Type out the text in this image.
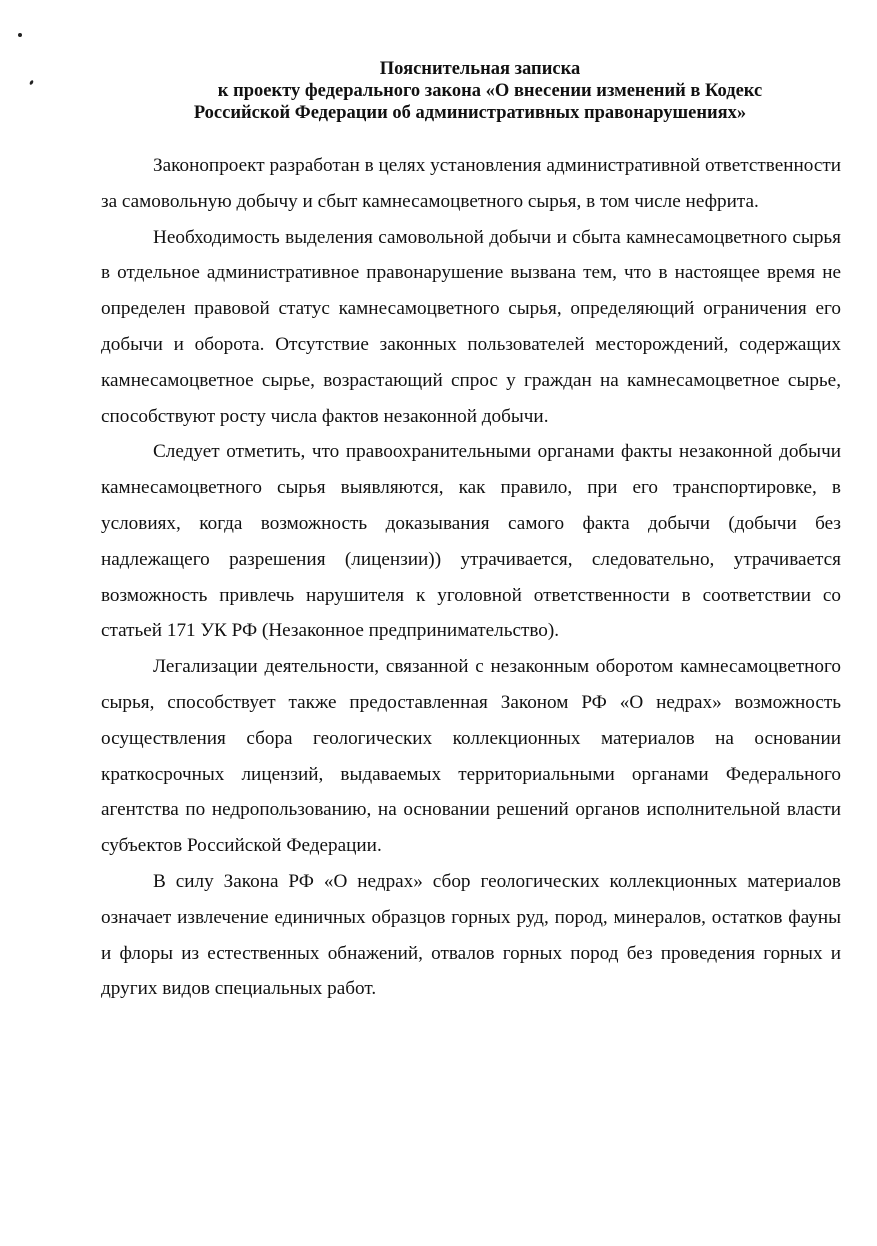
Пояснительная записка
к проекту федерального закона «О внесении изменений в Кодекс
Российской Федерации об административных правонарушениях»

Законопроект разработан в целях установления административной ответственности за самовольную добычу и сбыт камнесамоцветного сырья, в том числе нефрита.

Необходимость выделения самовольной добычи и сбыта камнесамоцветного сырья в отдельное административное правонарушение вызвана тем, что в настоящее время не определен правовой статус камнесамоцветного сырья, определяющий ограничения его добычи и оборота. Отсутствие законных пользователей месторождений, содержащих камнесамоцветное сырье, возрастающий спрос у граждан на камнесамоцветное сырье, способствуют росту числа фактов незаконной добычи.

Следует отметить, что правоохранительными органами факты незаконной добычи камнесамоцветного сырья выявляются, как правило, при его транспортировке, в условиях, когда возможность доказывания самого факта добычи (добычи без надлежащего разрешения (лицензии)) утрачивается, следовательно, утрачивается возможность привлечь нарушителя к уголовной ответственности в соответствии со статьей 171 УК РФ (Незаконное предпринимательство).

Легализации деятельности, связанной с незаконным оборотом камнесамоцветного сырья, способствует также предоставленная Законом РФ «О недрах» возможность осуществления сбора геологических коллекционных материалов на основании краткосрочных лицензий, выдаваемых территориальными органами Федерального агентства по недропользованию, на основании решений органов исполнительной власти субъектов Российской Федерации.

В силу Закона РФ «О недрах» сбор геологических коллекционных материалов означает извлечение единичных образцов горных руд, пород, минералов, остатков фауны и флоры из естественных обнажений, отвалов горных пород без проведения горных и других видов специальных работ.
